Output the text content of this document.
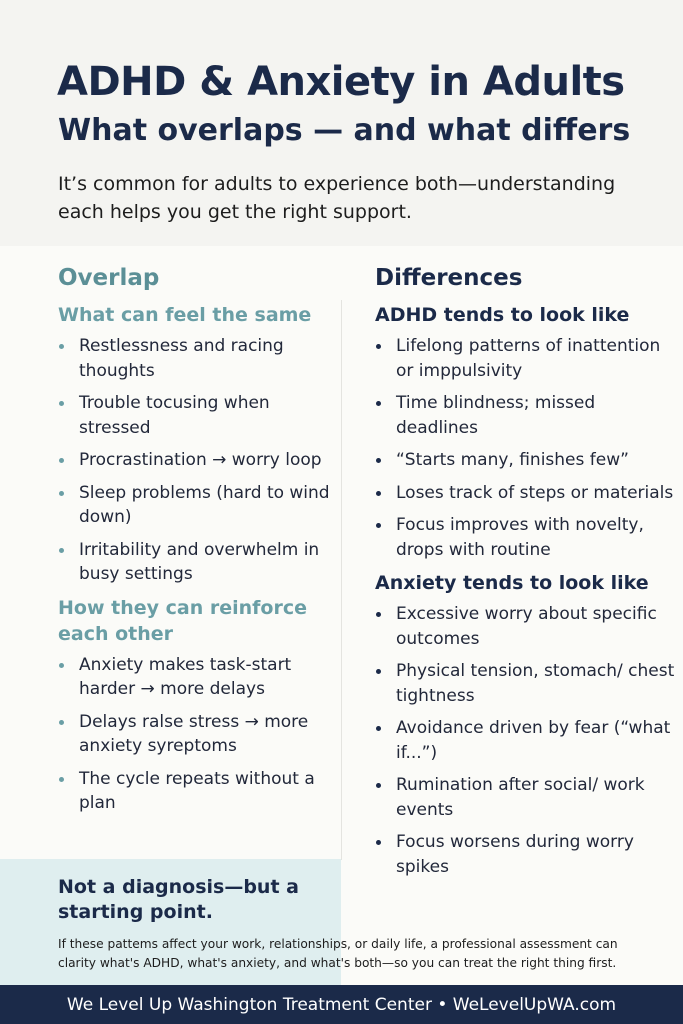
ADHD & Anxiety in Adults
What overlaps — and what differs

It’s common for adults to experience both—understanding each helps you get the right support.

Overlap
What can feel the same
Restlessness and racing thoughts
Trouble tocusing when stressed
Procrastination → worry loop
Sleep problems (hard to wind down)
Irritability and overwhelm in busy settings
How they can reinforce each other
Anxiety makes task-start harder → more delays
Delays ralse stress → more anxiety syreptoms
The cycle repeats without a plan
Differences
ADHD tends to look like
Lifelong patterns of inattention or imppulsivity
Time blindness; missed deadlines
“Starts many, finishes few”
Loses track of steps or materials
Focus improves with novelty, drops with routine
Anxiety tends to look like
Excessive worry about specific outcomes
Physical tension, stomach/ chest tightness
Avoidance driven by fear (“what if...”)
Rumination after social/ work events
Focus worsens during worry spikes
Not a diagnosis—but a starting point.

If these pattems affect your work, relationships, or daily life, a professional assessment can clarity what's ADHD, what's anxiety, and what's both—so you can treat the right thing first.

We Level Up Washington Treatment Center • WeLevelUpWA.com
